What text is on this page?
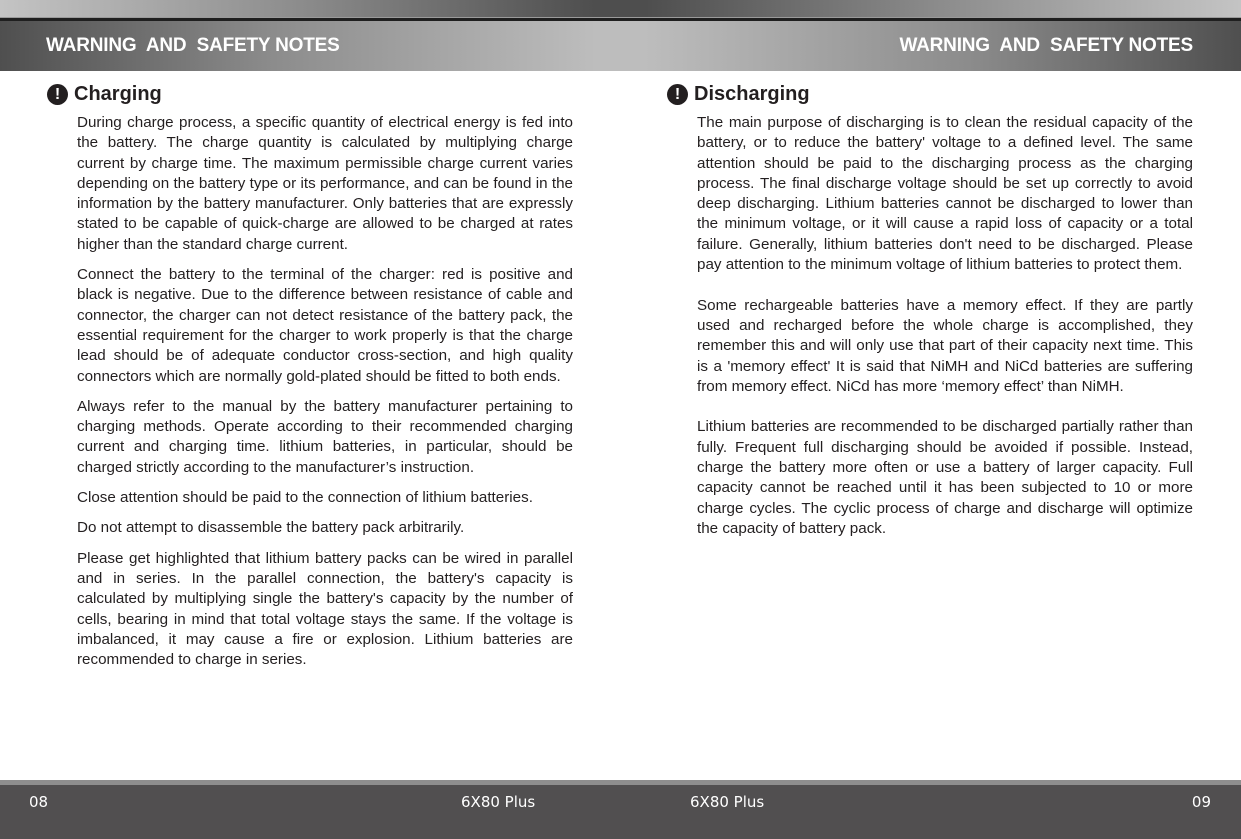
WARNING  AND  SAFETY NOTES	WARNING  AND  SAFETY NOTES
! Charging

During charge process, a specific quantity of electrical energy is fed into the battery. The charge quantity is calculated by multiplying charge current by charge time. The maximum permissible charge current varies depending on the battery type or its performance, and can be found in the information by the battery manufacturer. Only batteries that are expressly stated to be capable of quick-charge are allowed to be charged at rates higher than the standard charge current.

Connect the battery to the terminal of the charger: red is positive and black is negative. Due to the difference between resistance of cable and connector, the charger can not detect resistance of the battery pack, the essential requirement for the charger to work properly is that the charge lead should be of adequate conductor cross-section, and high quality connectors which are normally gold-plated should be fitted to both ends.

Always refer to the manual by the battery manufacturer pertaining to charging methods. Operate according to their recommended charging current and charging time. lithium batteries, in particular, should be charged strictly according to the manufacturer’s instruction.

Close attention should be paid to the connection of lithium batteries.

Do not attempt to disassemble the battery pack arbitrarily.

Please get highlighted that lithium battery packs can be wired in parallel and in series. In the parallel connection, the battery's capacity is calculated by multiplying single the battery's capacity by the number of cells, bearing in mind that total voltage stays the same. If the voltage is imbalanced, it may cause a fire or explosion. Lithium batteries are recommended to charge in series.

! Discharging

The main purpose of discharging is to clean the residual capacity of the battery, or to reduce the battery' voltage to a defined level. The same attention should be paid to the discharging process as the charging process. The final discharge voltage should be set up correctly to avoid deep discharging. Lithium batteries cannot be discharged to lower than the minimum voltage, or it will cause a rapid loss of capacity or a total failure. Generally, lithium batteries don't need to be discharged. Please pay attention to the minimum voltage of lithium batteries to protect them.

Some rechargeable batteries have a memory effect. If they are partly used and recharged before the whole charge is accomplished, they remember this and will only use that part of their capacity next time. This is a 'memory effect' It is said that NiMH and NiCd batteries are suffering from memory effect. NiCd has more ‘memory effect’ than NiMH.

Lithium batteries are recommended to be discharged partially rather than fully. Frequent full discharging should be avoided if possible. Instead, charge the battery more often or use a battery of larger capacity. Full capacity cannot be reached until it has been subjected to 10 or more charge cycles. The cyclic process of charge and discharge will optimize the capacity of battery pack.

08	6X80 Plus	6X80 Plus	09
